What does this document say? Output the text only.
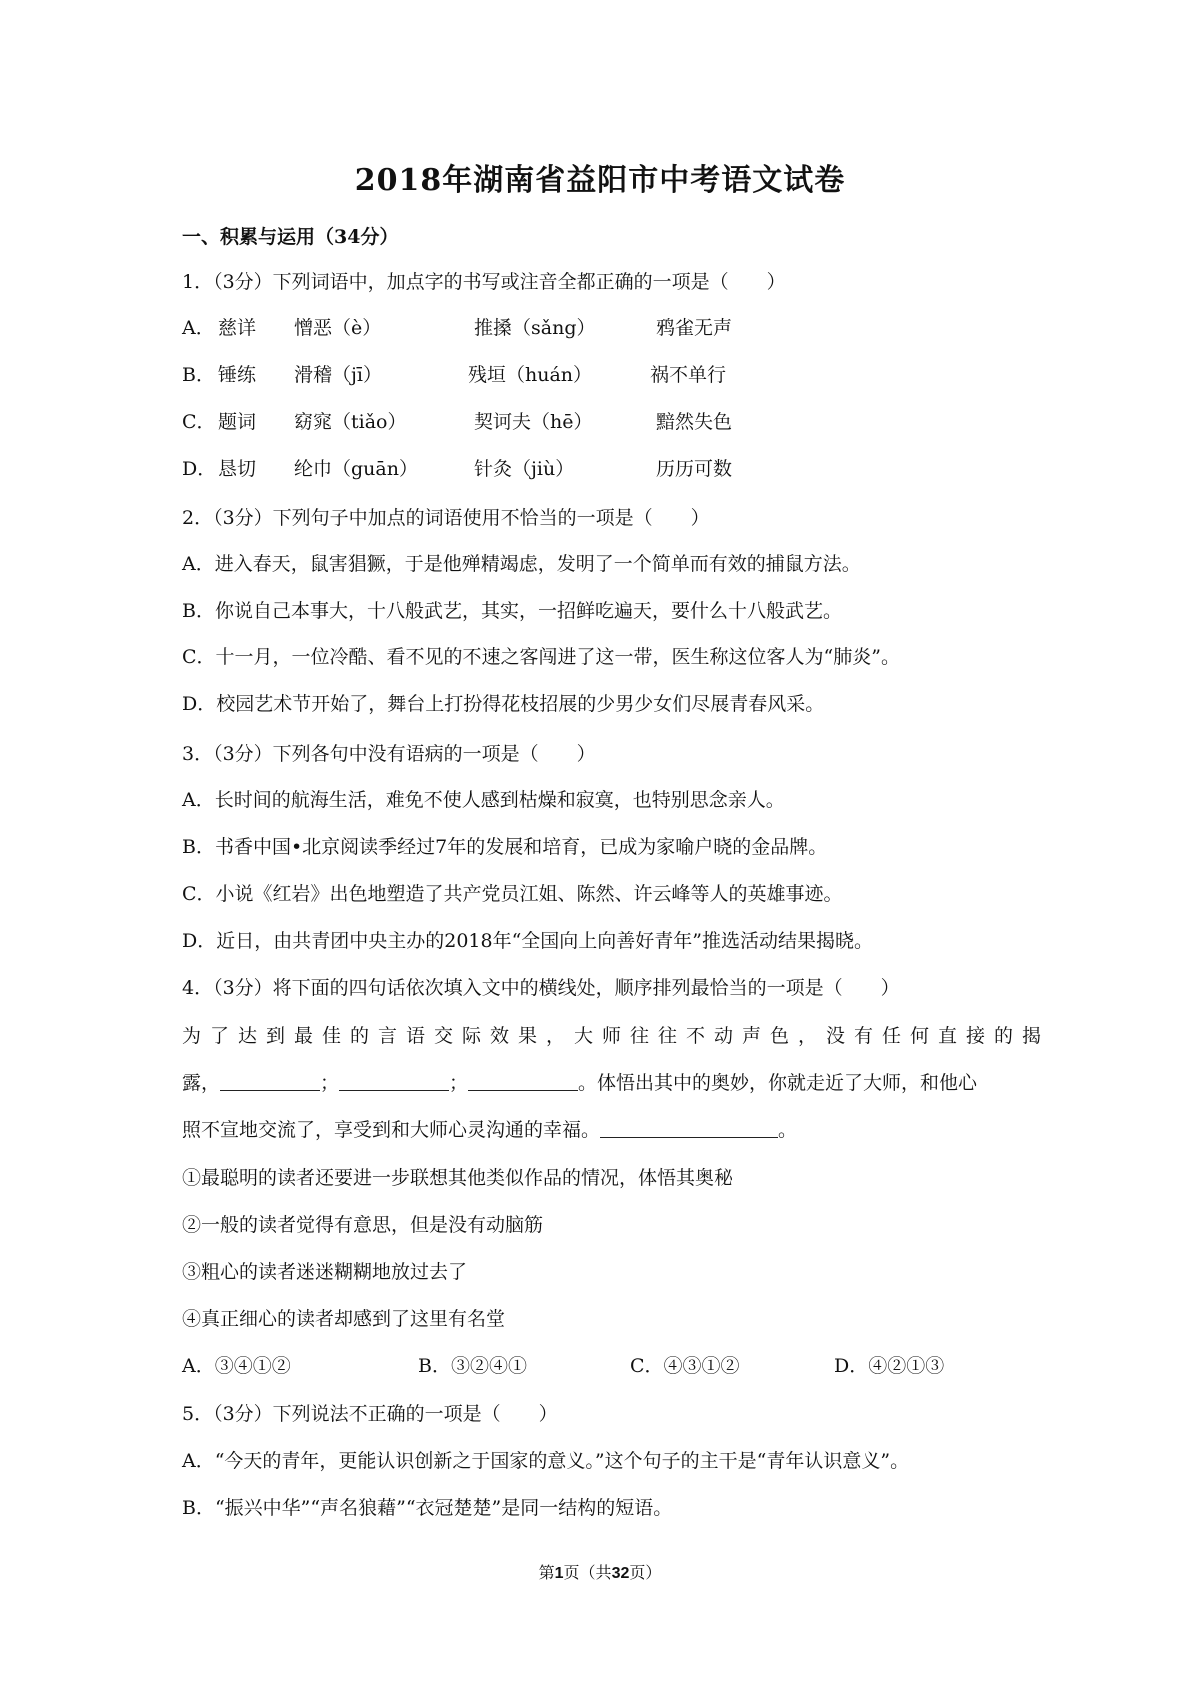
2018年湖南省益阳市中考语文试卷
一、积累与运用（34分）
1．（3分）下列词语中，加点字的书写或注音全都正确的一项是（　　）
A． 慈详 憎恶（è）	推搡（sǎng）	鸦雀无声
B． 锤练 滑稽（jī）	残垣（huán）	祸不单行
C． 题词 窈窕（tiǎo）	契诃夫（hē）	黯然失色
D． 恳切 纶巾（guān）	针灸（jiù）	历历可数
2．（3分）下列句子中加点的词语使用不恰当的一项是（　　）
A．进入春天，鼠害猖獗，于是他殚精竭虑，发明了一个简单而有效的捕鼠方法。
B．你说自己本事大，十八般武艺，其实，一招鲜吃遍天，要什么十八般武艺。
C．十一月，一位冷酷、看不见的不速之客闯进了这一带，医生称这位客人为“肺炎”。
D．校园艺术节开始了，舞台上打扮得花枝招展的少男少女们尽展青春风采。
3．（3分）下列各句中没有语病的一项是（　　）
A．长时间的航海生活，难免不使人感到枯燥和寂寞，也特别思念亲人。
B．书香中国•北京阅读季经过7年的发展和培育，已成为家喻户晓的金品牌。
C．小说《红岩》出色地塑造了共产党员江姐、陈然、许云峰等人的英雄事迹。
D．近日，由共青团中央主办的2018年“全国向上向善好青年”推选活动结果揭晓。
4．（3分）将下面的四句话依次填入文中的横线处，顺序排列最恰当的一项是（　　）
为了达到最佳的言语交际效果，大师往往不动声色，没有任何直接的揭
露，	；	；	。体悟出其中的奥妙，你就走近了大师，和他心
照不宣地交流了，享受到和大师心灵沟通的幸福。	。
①最聪明的读者还要进一步联想其他类似作品的情况，体悟其奥秘
②一般的读者觉得有意思，但是没有动脑筋
③粗心的读者迷迷糊糊地放过去了
④真正细心的读者却感到了这里有名堂
A．③④①②	B．③②④①	C．④③①②	D．④②①③
5．（3分）下列说法不正确的一项是（　　）
A．“今天的青年，更能认识创新之于国家的意义。”这个句子的主干是“青年认识意义”。
B．“振兴中华”“声名狼藉”“衣冠楚楚”是同一结构的短语。
第1页（共32页）
